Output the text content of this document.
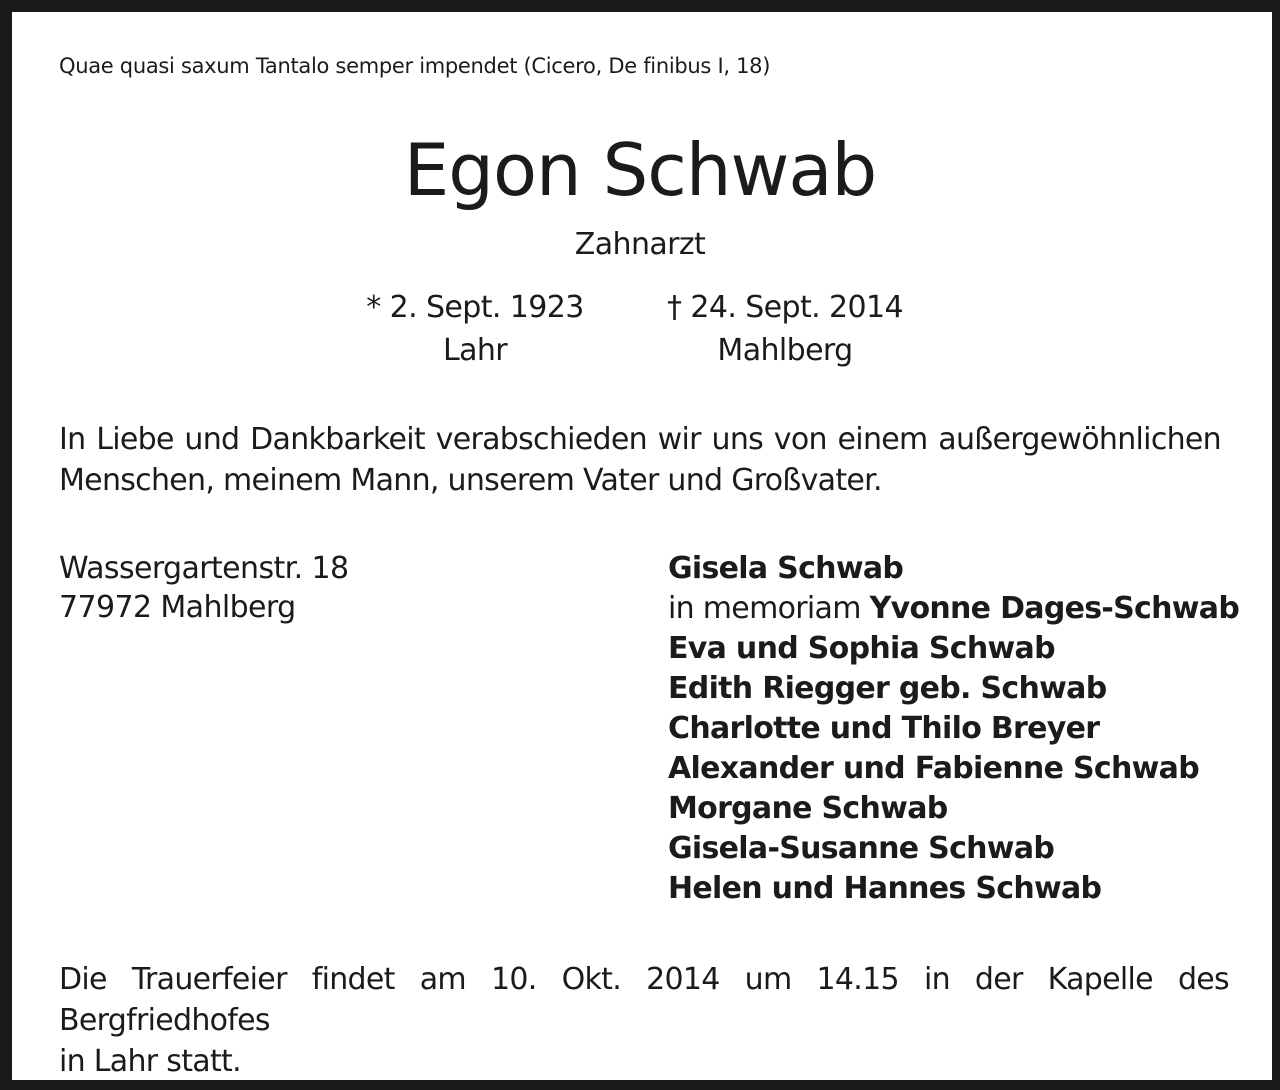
Quae quasi saxum Tantalo semper impendet (Cicero, De finibus I, 18)
Egon Schwab
Zahnarzt
* 2. Sept. 1923
Lahr
† 24. Sept. 2014
Mahlberg
In Liebe und Dankbarkeit verabschieden wir uns von einem außergewöhnlichen
Menschen, meinem Mann, unserem Vater und Großvater.
Wassergartenstr. 18
77972 Mahlberg
Gisela Schwab
in memoriam Yvonne Dages-Schwab
Eva und Sophia Schwab
Edith Riegger geb. Schwab
Charlotte und Thilo Breyer
Alexander und Fabienne Schwab
Morgane Schwab
Gisela-Susanne Schwab
Helen und Hannes Schwab
Die Trauerfeier findet am 10. Okt. 2014 um 14.15 in der Kapelle des Bergfriedhofes
in Lahr statt.
